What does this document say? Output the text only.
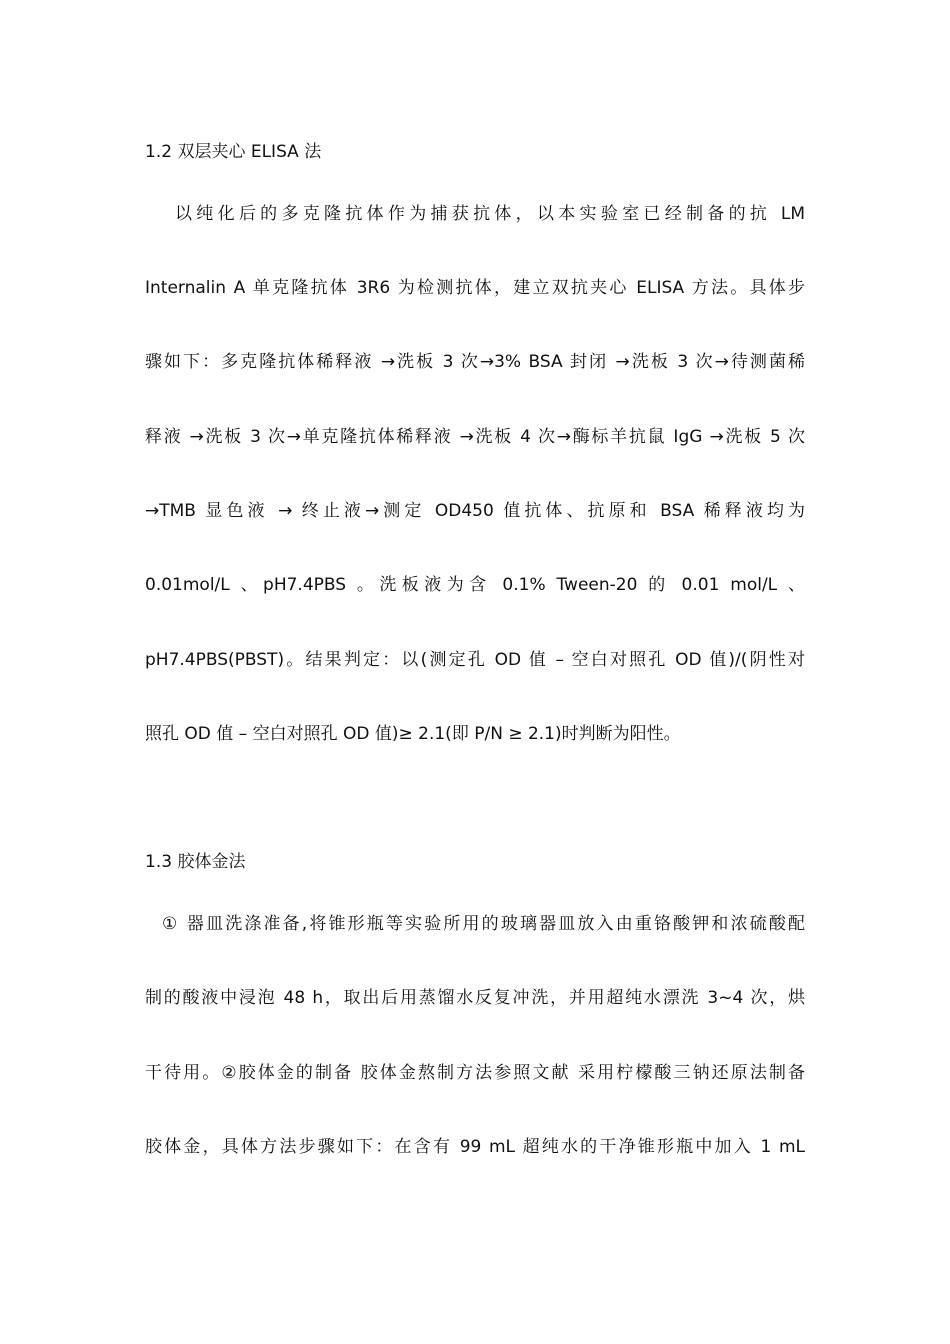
1.2 双层夹心 ELISA 法
以纯化后的多克隆抗体作为捕获抗体，以本实验室已经制备的抗 LM
Internalin A 单克隆抗体 3R6 为检测抗体，建立双抗夹心 ELISA 方法。具体步
骤如下：多克隆抗体稀释液 →洗板 3 次→3% BSA 封闭 →洗板 3 次→待测菌稀
释液 →洗板 3 次→单克隆抗体稀释液 →洗板 4 次→酶标羊抗鼠 IgG →洗板 5 次
→TMB 显色液 → 终止液→测定 OD450 值抗体、抗原和 BSA 稀释液均为
0.01mol/L 、pH7.4PBS 。洗板液为含 0.1% Tween-20 的 0.01 mol/L 、
pH7.4PBS(PBST)。结果判定：以(测定孔 OD 值 – 空白对照孔 OD 值)/(阴性对
照孔 OD 值 – 空白对照孔 OD 值)≥ 2.1(即 P/N ≥ 2.1)时判断为阳性。
1.3 胶体金法
① 器皿洗涤准备,将锥形瓶等实验所用的玻璃器皿放入由重铬酸钾和浓硫酸配
制的酸液中浸泡 48 h，取出后用蒸馏水反复冲洗，并用超纯水漂洗 3~4 次，烘
干待用。②胶体金的制备 胶体金熬制方法参照文献 采用柠檬酸三钠还原法制备
胶体金，具体方法步骤如下：在含有 99 mL 超纯水的干净锥形瓶中加入 1 mL
